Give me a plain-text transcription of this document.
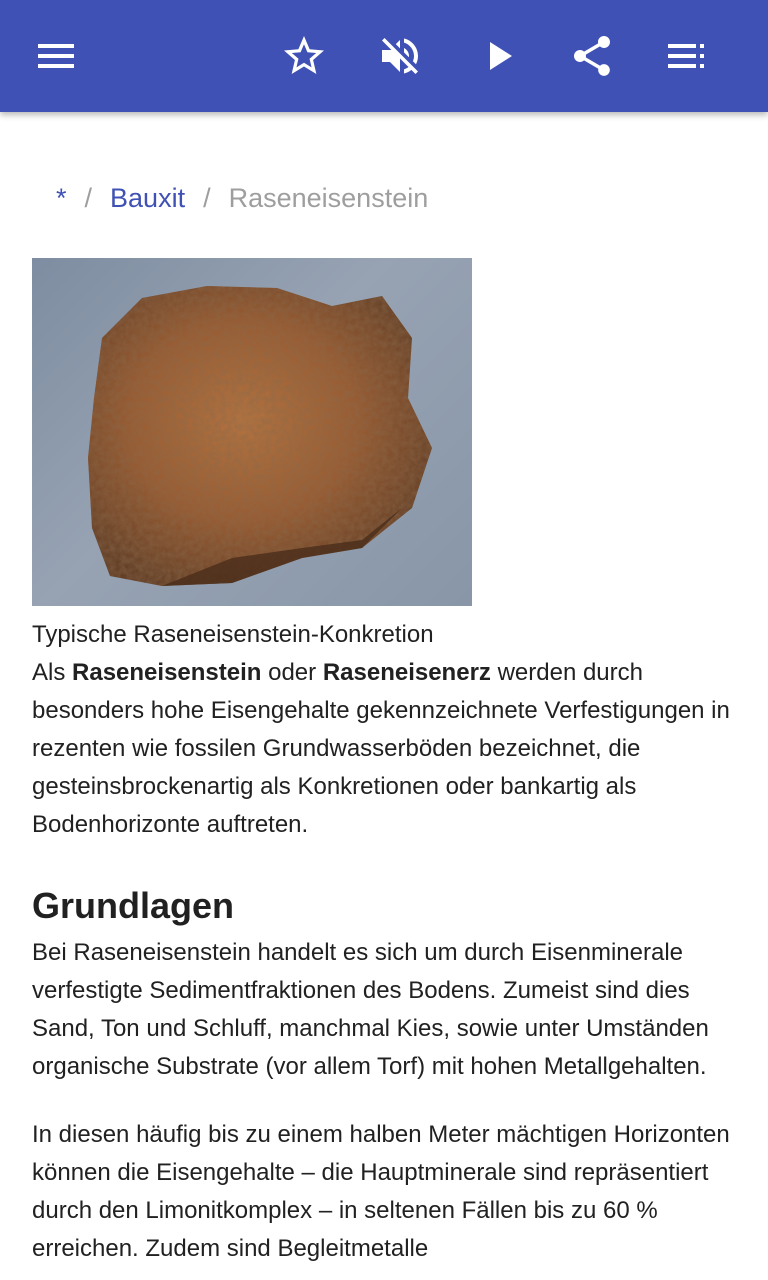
* / Bauxit / Raseneisenstein

Typische Raseneisenstein-Konkretion

Als Raseneisenstein oder Raseneisenerz werden durch besonders hohe Eisengehalte gekennzeichnete Verfestigungen in rezenten wie fossilen Grundwasserböden bezeichnet, die gesteinsbrockenartig als Konkretionen oder bankartig als Bodenhorizonte auftreten.

Grundlagen

Bei Raseneisenstein handelt es sich um durch Eisenminerale verfestigte Sedimentfraktionen des Bodens. Zumeist sind dies Sand, Ton und Schluff, manchmal Kies, sowie unter Umständen organische Substrate (vor allem Torf) mit hohen Metallgehalten.

In diesen häufig bis zu einem halben Meter mächtigen Horizonten können die Eisengehalte – die Hauptminerale sind repräsentiert durch den Limonitkomplex – in seltenen Fällen bis zu 60 % erreichen. Zudem sind Begleitmetalle
